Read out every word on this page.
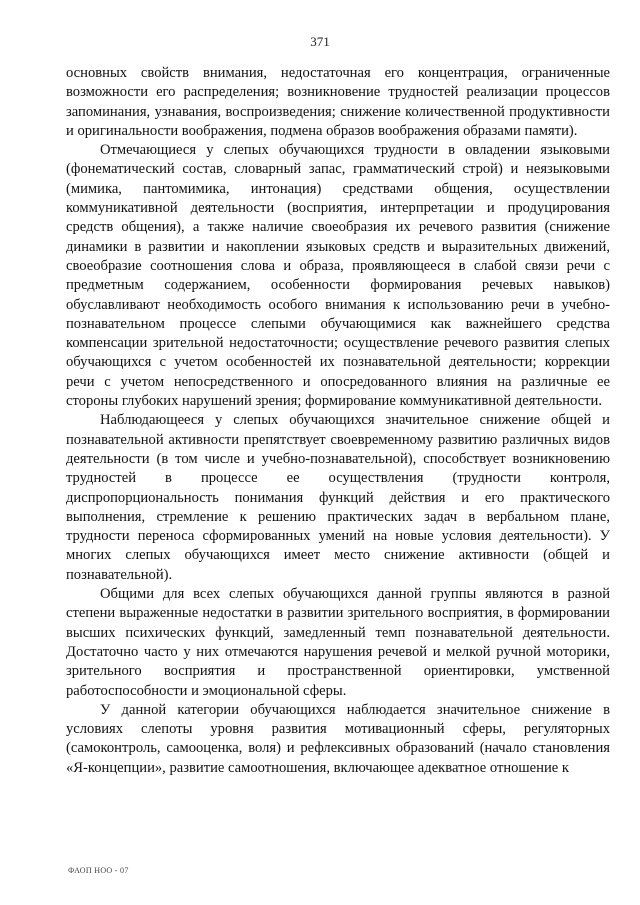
371

основных свойств внимания, недостаточная его концентрация, ограниченные возможности его распределения; возникновение трудностей реализации процессов запоминания, узнавания, воспроизведения; снижение количественной продуктивности и оригинальности воображения, подмена образов воображения образами памяти).

Отмечающиеся у слепых обучающихся трудности в овладении языковыми (фонематический состав, словарный запас, грамматический строй) и неязыковыми (мимика, пантомимика, интонация) средствами общения, осуществлении коммуникативной деятельности (восприятия, интерпретации и продуцирования средств общения), а также наличие своеобразия их речевого развития (снижение динамики в развитии и накоплении языковых средств и выразительных движений, своеобразие соотношения слова и образа, проявляющееся в слабой связи речи с предметным содержанием, особенности формирования речевых навыков) обуславливают необходимость особого внимания к использованию речи в учебно-познавательном процессе слепыми обучающимися как важнейшего средства компенсации зрительной недостаточности; осуществление речевого развития слепых обучающихся с учетом особенностей их познавательной деятельности; коррекции речи с учетом непосредственного и опосредованного влияния на различные ее стороны глубоких нарушений зрения; формирование коммуникативной деятельности.

Наблюдающееся у слепых обучающихся значительное снижение общей и познавательной активности препятствует своевременному развитию различных видов деятельности (в том числе и учебно-познавательной), способствует возникновению трудностей в процессе ее осуществления (трудности контроля, диспропорциональность понимания функций действия и его практического выполнения, стремление к решению практических задач в вербальном плане, трудности переноса сформированных умений на новые условия деятельности). У многих слепых обучающихся имеет место снижение активности (общей и познавательной).

Общими для всех слепых обучающихся данной группы являются в разной степени выраженные недостатки в развитии зрительного восприятия, в формировании высших психических функций, замедленный темп познавательной деятельности. Достаточно часто у них отмечаются нарушения речевой и мелкой ручной моторики, зрительного восприятия и пространственной ориентировки, умственной работоспособности и эмоциональной сферы.

У данной категории обучающихся наблюдается значительное снижение в условиях слепоты уровня развития мотивационный сферы, регуляторных (самоконтроль, самооценка, воля) и рефлексивных образований (начало становления «Я-концепции», развитие самоотношения, включающее адекватное отношение к

ФАОП НОО - 07
